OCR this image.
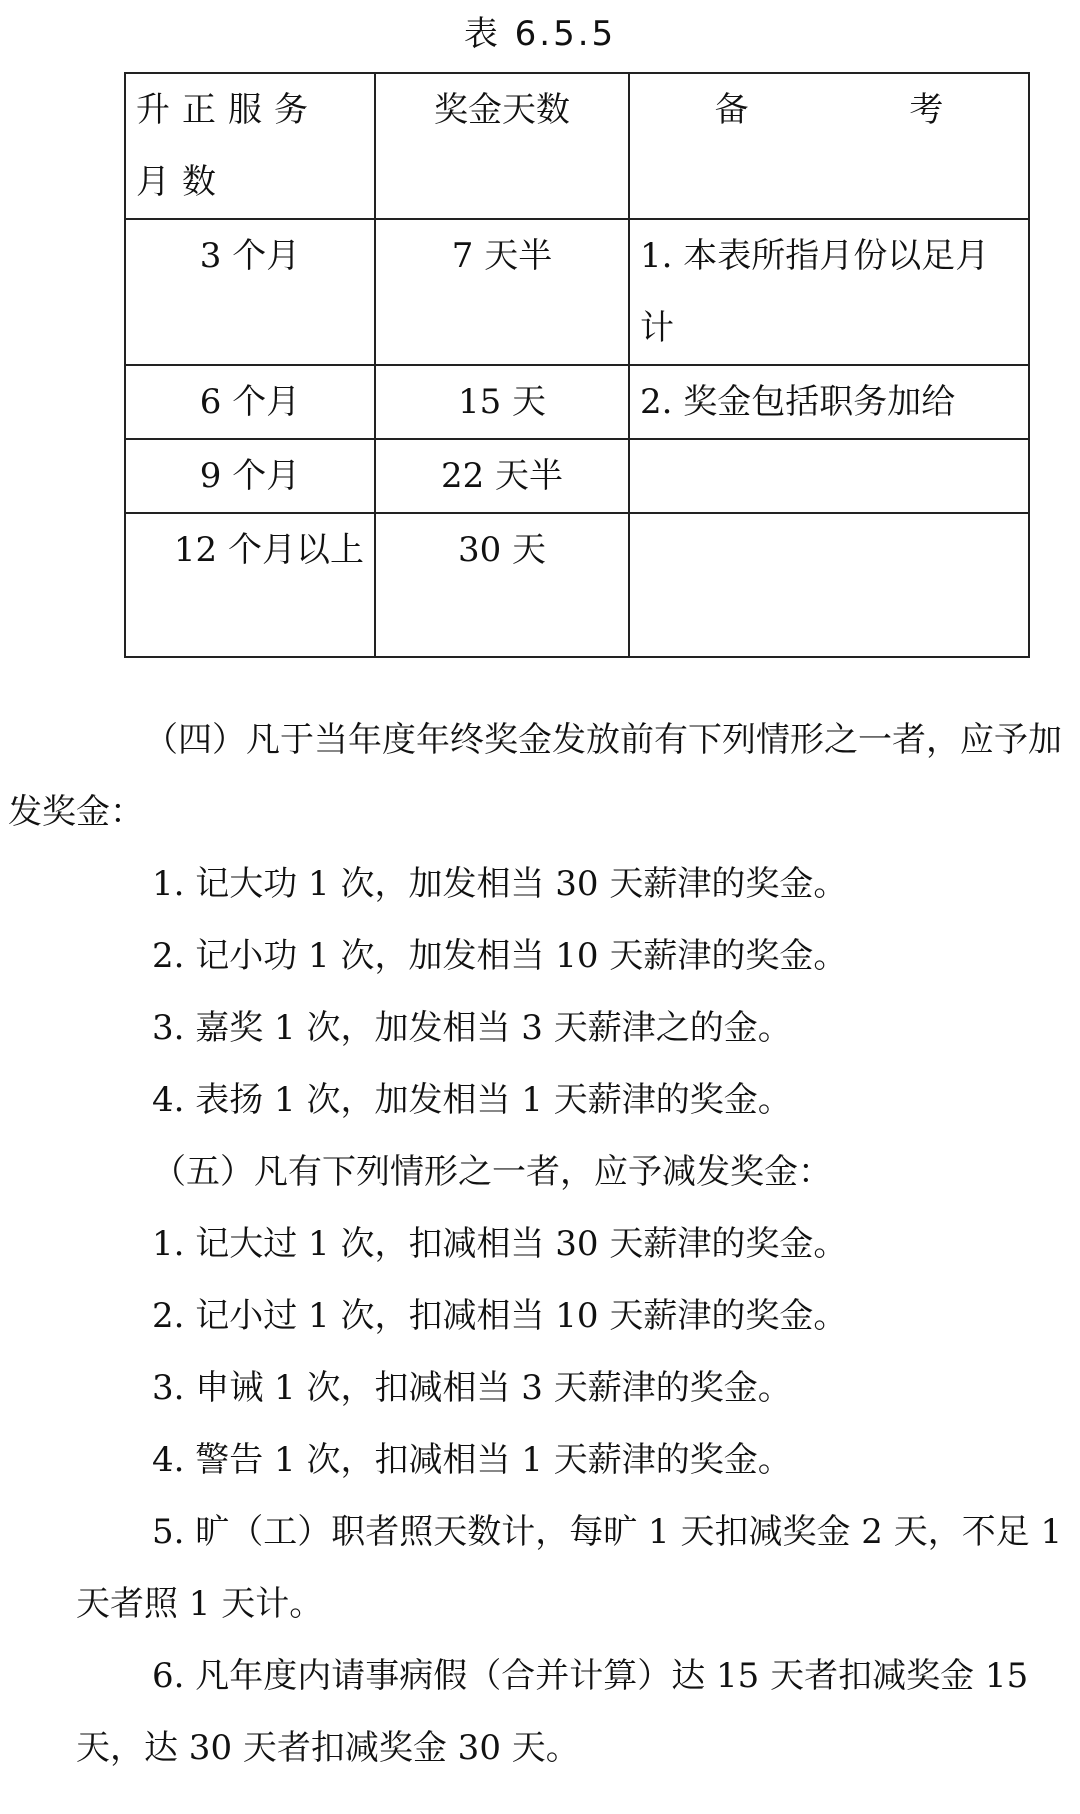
表 6.5.5
升正服务月数	奖金天数	备 考
3 个月	7 天半	1. 本表所指月份以足月计
6 个月	15 天	2. 奖金包括职务加给
9 个月	22 天半	
12 个月以上	30 天	

（四）凡于当年度年终奖金发放前有下列情形之一者，应予加发奖金：

1. 记大功 1 次，加发相当 30 天薪津的奖金。

2. 记小功 1 次，加发相当 10 天薪津的奖金。

3. 嘉奖 1 次，加发相当 3 天薪津之的金。

4. 表扬 1 次，加发相当 1 天薪津的奖金。

（五）凡有下列情形之一者，应予减发奖金：

1. 记大过 1 次，扣减相当 30 天薪津的奖金。

2. 记小过 1 次，扣减相当 10 天薪津的奖金。

3. 申诫 1 次，扣减相当 3 天薪津的奖金。

4. 警告 1 次，扣减相当 1 天薪津的奖金。

5. 旷（工）职者照天数计，每旷 1 天扣减奖金 2 天，不足 1

天者照 1 天计。

6. 凡年度内请事病假（合并计算）达 15 天者扣减奖金 15

天，达 30 天者扣减奖金 30 天。
